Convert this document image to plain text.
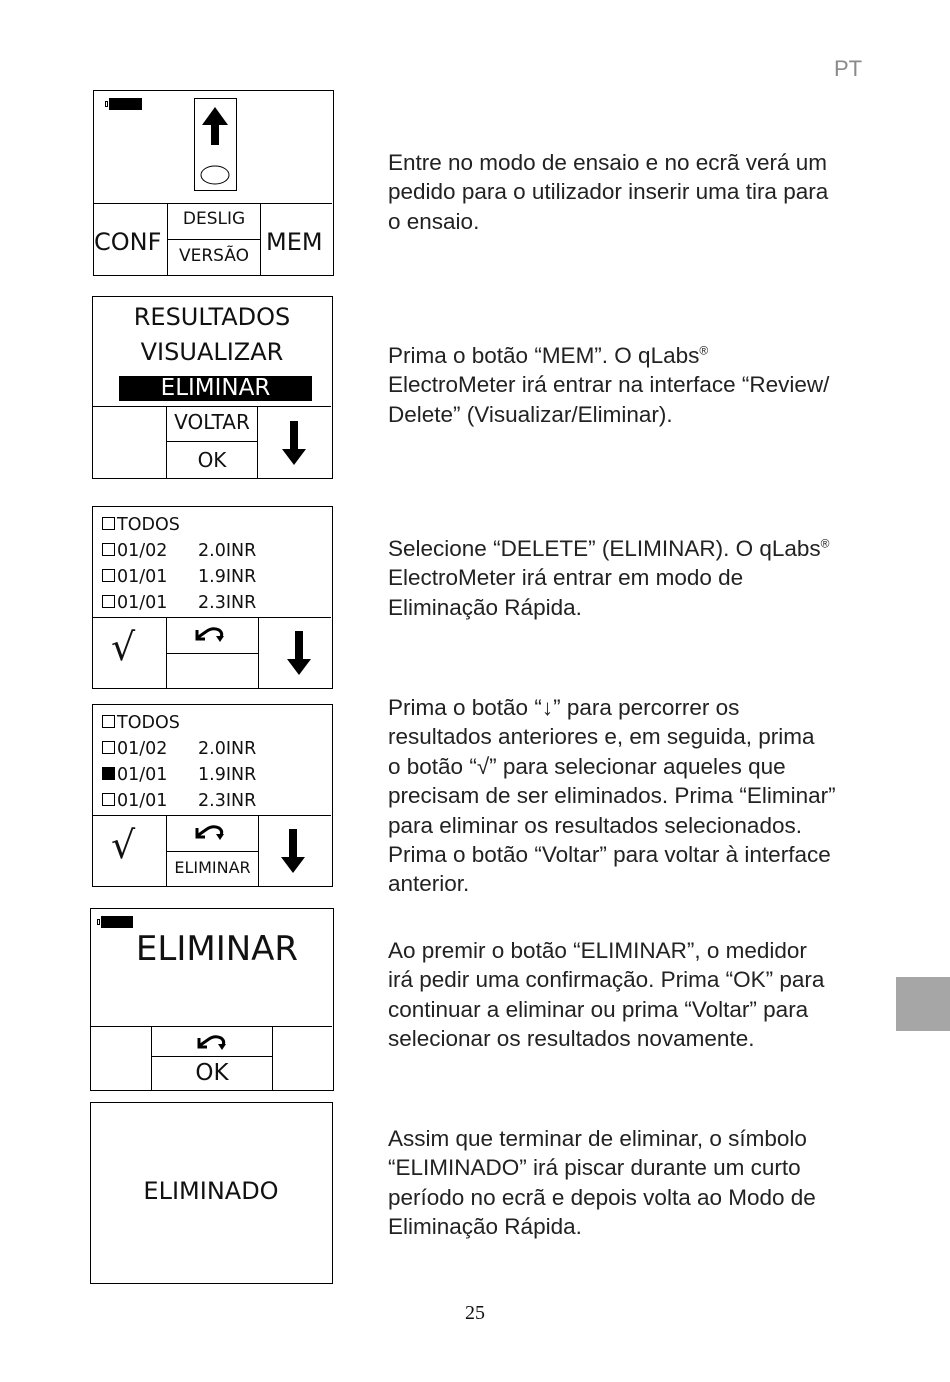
PT
CONF
DESLIG
VERSÃO MEM
Entre no modo de ensaio e no ecrã verá um
pedido para o utilizador inserir uma tira para
o ensaio.
RESULTADOS
VISUALIZAR
ELIMINAR
VOLTAR
OK
Prima o botão “MEM”. O qLabs®
ElectroMeter irá entrar na interface “Review/
Delete” (Visualizar/Eliminar).
TODOS
01/02 2.0INR
01/01 1.9INR
01/01 2.3INR
√
Selecione “DELETE” (ELIMINAR). O qLabs®
ElectroMeter irá entrar em modo de
Eliminação Rápida.
TODOS
01/02 2.0INR
01/01 1.9INR
01/01 2.3INR
√
ELIMINAR
Prima o botão “↓” para percorrer os
resultados anteriores e, em seguida, prima
o botão “√” para selecionar aqueles que
precisam de ser eliminados. Prima “Eliminar”
para eliminar os resultados selecionados.
Prima o botão “Voltar” para voltar à interface
anterior.
ELIMINAR
OK
Ao premir o botão “ELIMINAR”, o medidor
irá pedir uma confirmação. Prima “OK” para
continuar a eliminar ou prima “Voltar” para
selecionar os resultados novamente.
ELIMINADO
Assim que terminar de eliminar, o símbolo
“ELIMINADO” irá piscar durante um curto
período no ecrã e depois volta ao Modo de
Eliminação Rápida.
25
